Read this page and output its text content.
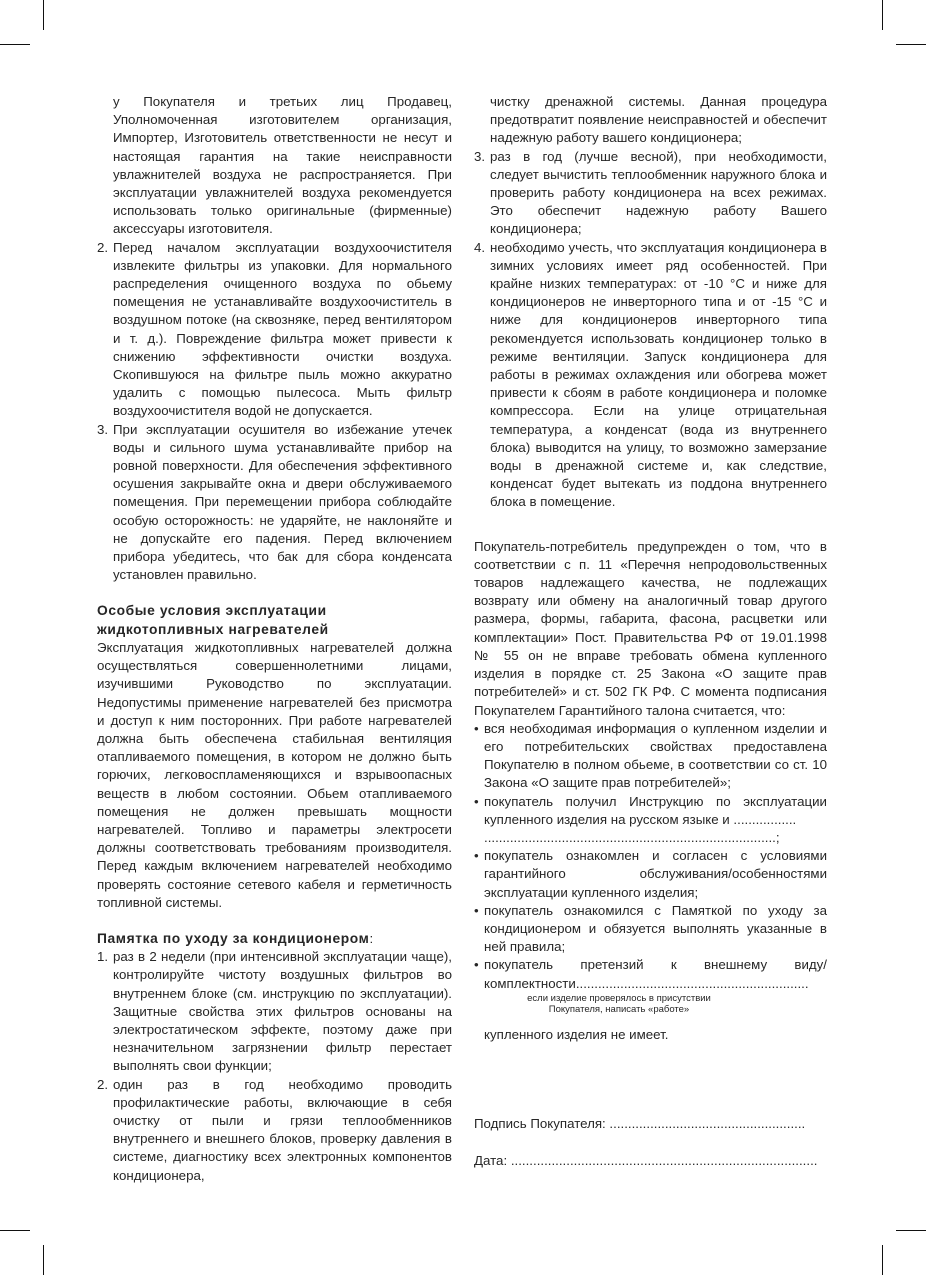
у Покупателя и третьих лиц Продавец, Уполномоченная изготовителем организация, Импортер, Изготовитель ответственности не несут и настоящая гарантия на такие неисправности увлажнителей воздуха не распространяется. При эксплуатации увлажнителей воздуха рекомендуется использовать только оригинальные (фирменные) аксессуары изготовителя.
2. Перед началом эксплуатации воздухоочистителя извлеките фильтры из упаковки. Для нормального распределения очищенного воздуха по обьему помещения не устанавливайте воздухоочиститель в воздушном потоке (на сквозняке, перед вентилятором и т. д.). Повреждение фильтра может привести к снижению эффективности очистки воздуха. Скопившуюся на фильтре пыль можно аккуратно удалить с помощью пылесоса. Мыть фильтр воздухоочистителя водой не допускается.
3. При эксплуатации осушителя во избежание утечек воды и сильного шума устанавливайте прибор на ровной поверхности. Для обеспечения эффективного осушения закрывайте окна и двери обслуживаемого помещения. При перемещении прибора соблюдайте особую осторожность: не ударяйте, не наклоняйте и не допускайте его падения. Перед включением прибора убедитесь, что бак для сбора конденсата установлен правильно.
Особые условия эксплуатации жидкотопливных нагревателей
Эксплуатация жидкотопливных нагревателей должна осуществляться совершеннолетними лицами, изучившими Руководство по эксплуатации. Недопустимы применение нагревателей без присмотра и доступ к ним посторонних. При работе нагревателей должна быть обеспечена стабильная вентиляция отапливаемого помещения, в котором не должно быть горючих, легковоспламеняющихся и взрывоопасных веществ в любом состоянии. Обьем отапливаемого помещения не должен превышать мощности нагревателей. Топливо и параметры электросети должны соответствовать требованиям производителя. Перед каждым включением нагревателей необходимо проверять состояние сетевого кабеля и герметичность топливной системы.
Памятка по уходу за кондиционером:
1. раз в 2 недели (при интенсивной эксплуатации чаще), контролируйте чистоту воздушных фильтров во внутреннем блоке (см. инструкцию по эксплуатации). Защитные свойства этих фильтров основаны на электростатическом эффекте, поэтому даже при незначительном загрязнении фильтр перестает выполнять свои функции;
2. один раз в год необходимо проводить профилактические работы, включающие в себя очистку от пыли и грязи теплообменников внутреннего и внешнего блоков, проверку давления в системе, диагностику всех электронных компонентов кондиционера,
чистку дренажной системы. Данная процедура предотвратит появление неисправностей и обеспечит надежную работу вашего кондиционера;
3. раз в год (лучше весной), при необходимости, следует вычистить теплообменник наружного блока и проверить работу кондиционера на всех режимах. Это обеспечит надежную работу Вашего кондиционера;
4. необходимо учесть, что эксплуатация кондиционера в зимних условиях имеет ряд особенностей. При крайне низких температурах: от -10 °С и ниже для кондиционеров не инверторного типа и от -15 °С и ниже для кондиционеров инверторного типа рекомендуется использовать кондиционер только в режиме вентиляции. Запуск кондиционера для работы в режимах охлаждения или обогрева может привести к сбоям в работе кондиционера и поломке компрессора. Если на улице отрицательная температура, а конденсат (вода из внутреннего блока) выводится на улицу, то возможно замерзание воды в дренажной системе и, как следствие, конденсат будет вытекать из поддона внутреннего блока в помещение.
Покупатель-потребитель предупрежден о том, что в соответствии с п. 11 «Перечня непродовольственных товаров надлежащего качества, не подлежащих возврату или обмену на аналогичный товар другого размера, формы, габарита, фасона, расцветки или комплектации» Пост. Правительства РФ от 19.01.1998 № 55 он не вправе требовать обмена купленного изделия в порядке ст. 25 Закона «О защите прав потребителей» и ст. 502 ГК РФ. С момента подписания Покупателем Гарантийного талона считается, что:
• вся необходимая информация о купленном изделии и его потребительских свойствах предоставлена Покупателю в полном обьеме, в соответствии со ст. 10 Закона «О защите прав потребителей»;
• покупатель получил Инструкцию по эксплуатации купленного изделия на русском языке и .................
...............................................................................;
• покупатель ознакомлен и согласен с условиями гарантийного обслуживания/особенностями эксплуатации купленного изделия;
• покупатель ознакомился с Памяткой по уходу за кондиционером и обязуется выполнять указанные в ней правила;
• покупатель претензий к внешнему виду/комплектности...............................................................
если изделие проверялось в присутствии
Покупателя, написать «работе»
купленного изделия не имеет.
Подпись Покупателя: .....................................................
Дата: ...................................................................................
